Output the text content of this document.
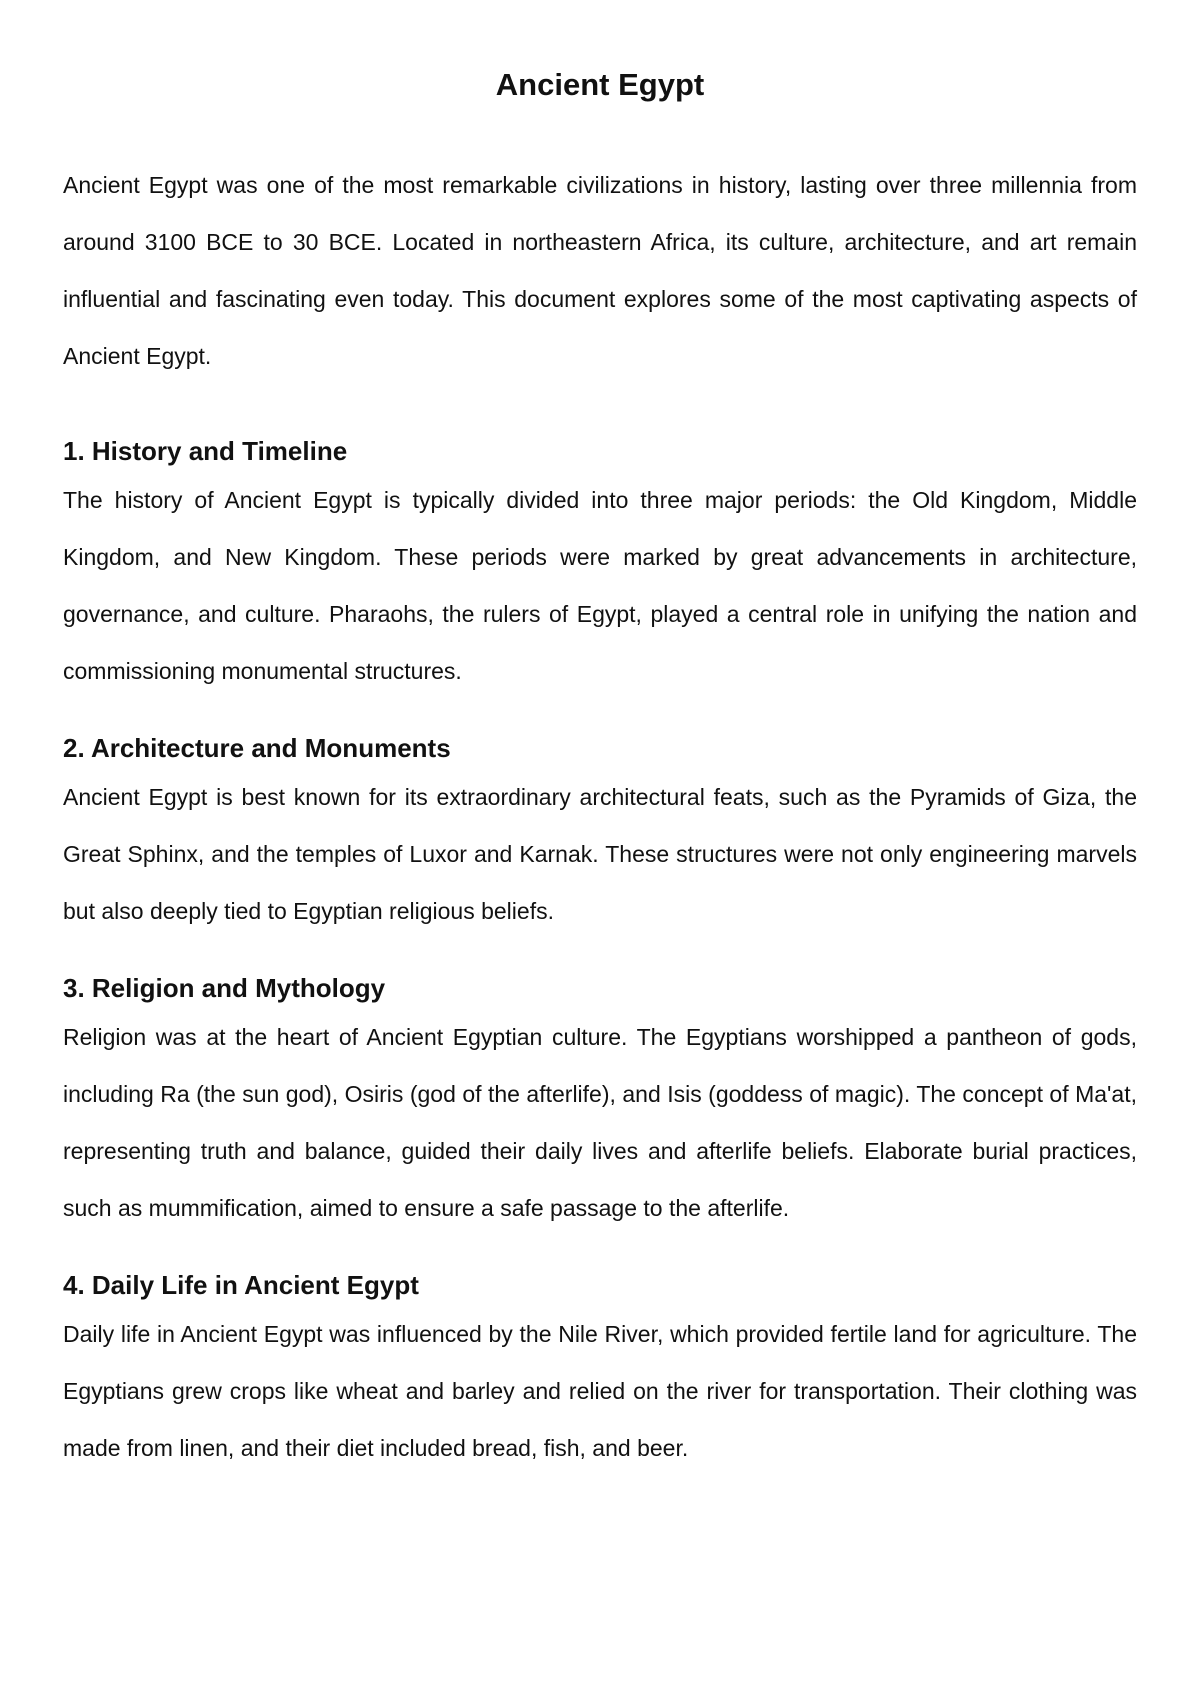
Ancient Egypt

Ancient Egypt was one of the most remarkable civilizations in history, lasting over three millennia from around 3100 BCE to 30 BCE. Located in northeastern Africa, its culture, architecture, and art remain influential and fascinating even today. This document explores some of the most captivating aspects of Ancient Egypt.

1. History and Timeline

The history of Ancient Egypt is typically divided into three major periods: the Old Kingdom, Middle Kingdom, and New Kingdom. These periods were marked by great advancements in architecture, governance, and culture. Pharaohs, the rulers of Egypt, played a central role in unifying the nation and commissioning monumental structures.

2. Architecture and Monuments

Ancient Egypt is best known for its extraordinary architectural feats, such as the Pyramids of Giza, the Great Sphinx, and the temples of Luxor and Karnak. These structures were not only engineering marvels but also deeply tied to Egyptian religious beliefs.

3. Religion and Mythology

Religion was at the heart of Ancient Egyptian culture. The Egyptians worshipped a pantheon of gods, including Ra (the sun god), Osiris (god of the afterlife), and Isis (goddess of magic). The concept of Ma'at, representing truth and balance, guided their daily lives and afterlife beliefs. Elaborate burial practices, such as mummification, aimed to ensure a safe passage to the afterlife.

4. Daily Life in Ancient Egypt

Daily life in Ancient Egypt was influenced by the Nile River, which provided fertile land for agriculture. The Egyptians grew crops like wheat and barley and relied on the river for transportation. Their clothing was made from linen, and their diet included bread, fish, and beer.
